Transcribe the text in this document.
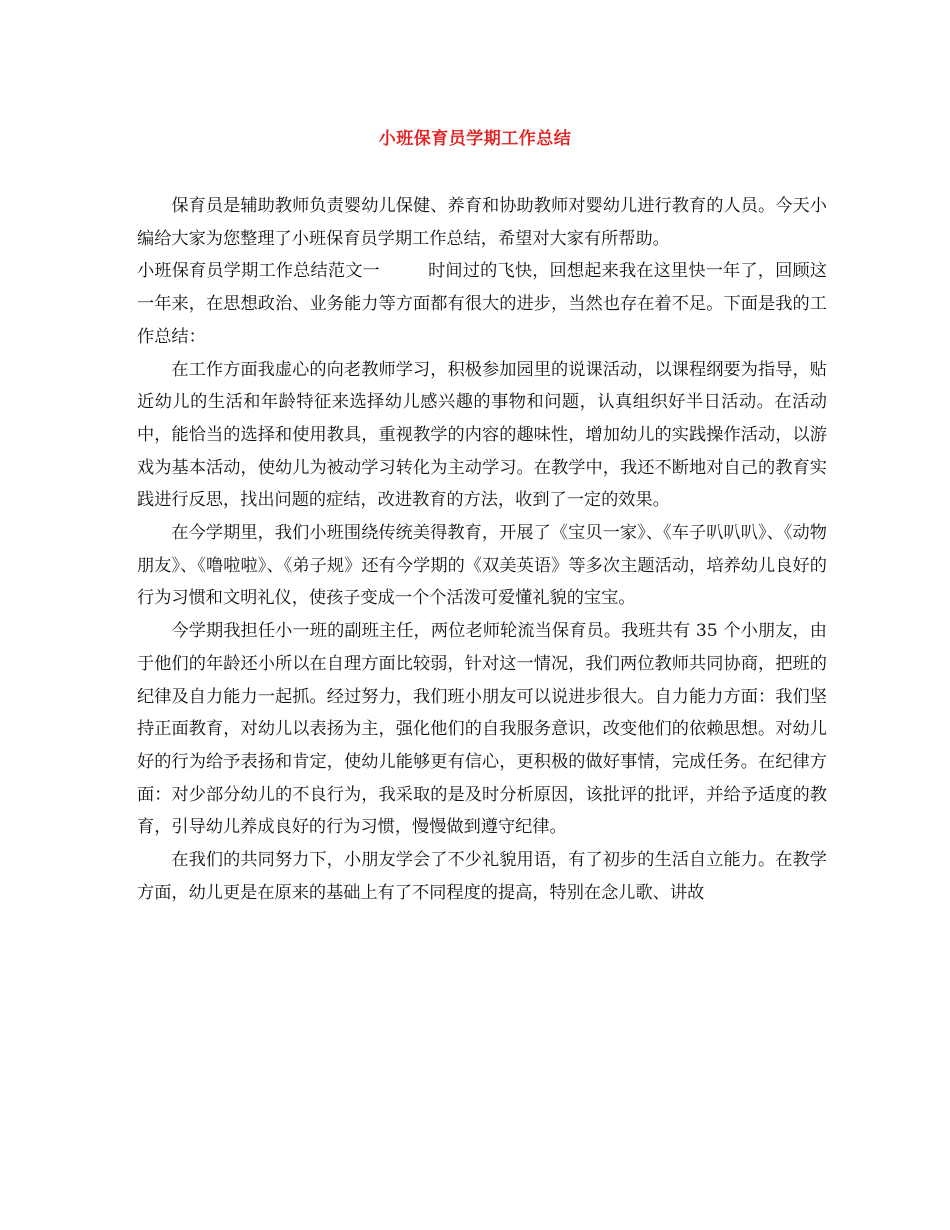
小班保育员学期工作总结

保育员是辅助教师负责婴幼儿保健、养育和协助教师对婴幼儿进行教育的人员。今天小编给大家为您整理了小班保育员学期工作总结，希望对大家有所帮助。

小班保育员学期工作总结范文一	时间过的飞快，回想起来我在这里快一年了，回顾这一年来，在思想政治、业务能力等方面都有很大的进步，当然也存在着不足。下面是我的工作总结：

在工作方面我虚心的向老教师学习，积极参加园里的说课活动，以课程纲要为指导，贴近幼儿的生活和年龄特征来选择幼儿感兴趣的事物和问题，认真组织好半日活动。在活动中，能恰当的选择和使用教具，重视教学的内容的趣味性，增加幼儿的实践操作活动，以游戏为基本活动，使幼儿为被动学习转化为主动学习。在教学中，我还不断地对自己的教育实践进行反思，找出问题的症结，改进教育的方法，收到了一定的效果。

在今学期里，我们小班围绕传统美得教育，开展了《宝贝一家》、《车子叭叭叭》、《动物朋友》、《噜啦啦》、《弟子规》还有今学期的《双美英语》等多次主题活动，培养幼儿良好的行为习惯和文明礼仪，使孩子变成一个个活泼可爱懂礼貌的宝宝。

今学期我担任小一班的副班主任，两位老师轮流当保育员。我班共有 35 个小朋友，由于他们的年龄还小所以在自理方面比较弱，针对这一情况，我们两位教师共同协商，把班的纪律及自力能力一起抓。经过努力，我们班小朋友可以说进步很大。自力能力方面：我们坚持正面教育，对幼儿以表扬为主，强化他们的自我服务意识，改变他们的依赖思想。对幼儿好的行为给予表扬和肯定，使幼儿能够更有信心，更积极的做好事情，完成任务。在纪律方面：对少部分幼儿的不良行为，我采取的是及时分析原因，该批评的批评，并给予适度的教育，引导幼儿养成良好的行为习惯，慢慢做到遵守纪律。

在我们的共同努力下，小朋友学会了不少礼貌用语，有了初步的生活自立能力。在教学方面，幼儿更是在原来的基础上有了不同程度的提高，特别在念儿歌、讲故
